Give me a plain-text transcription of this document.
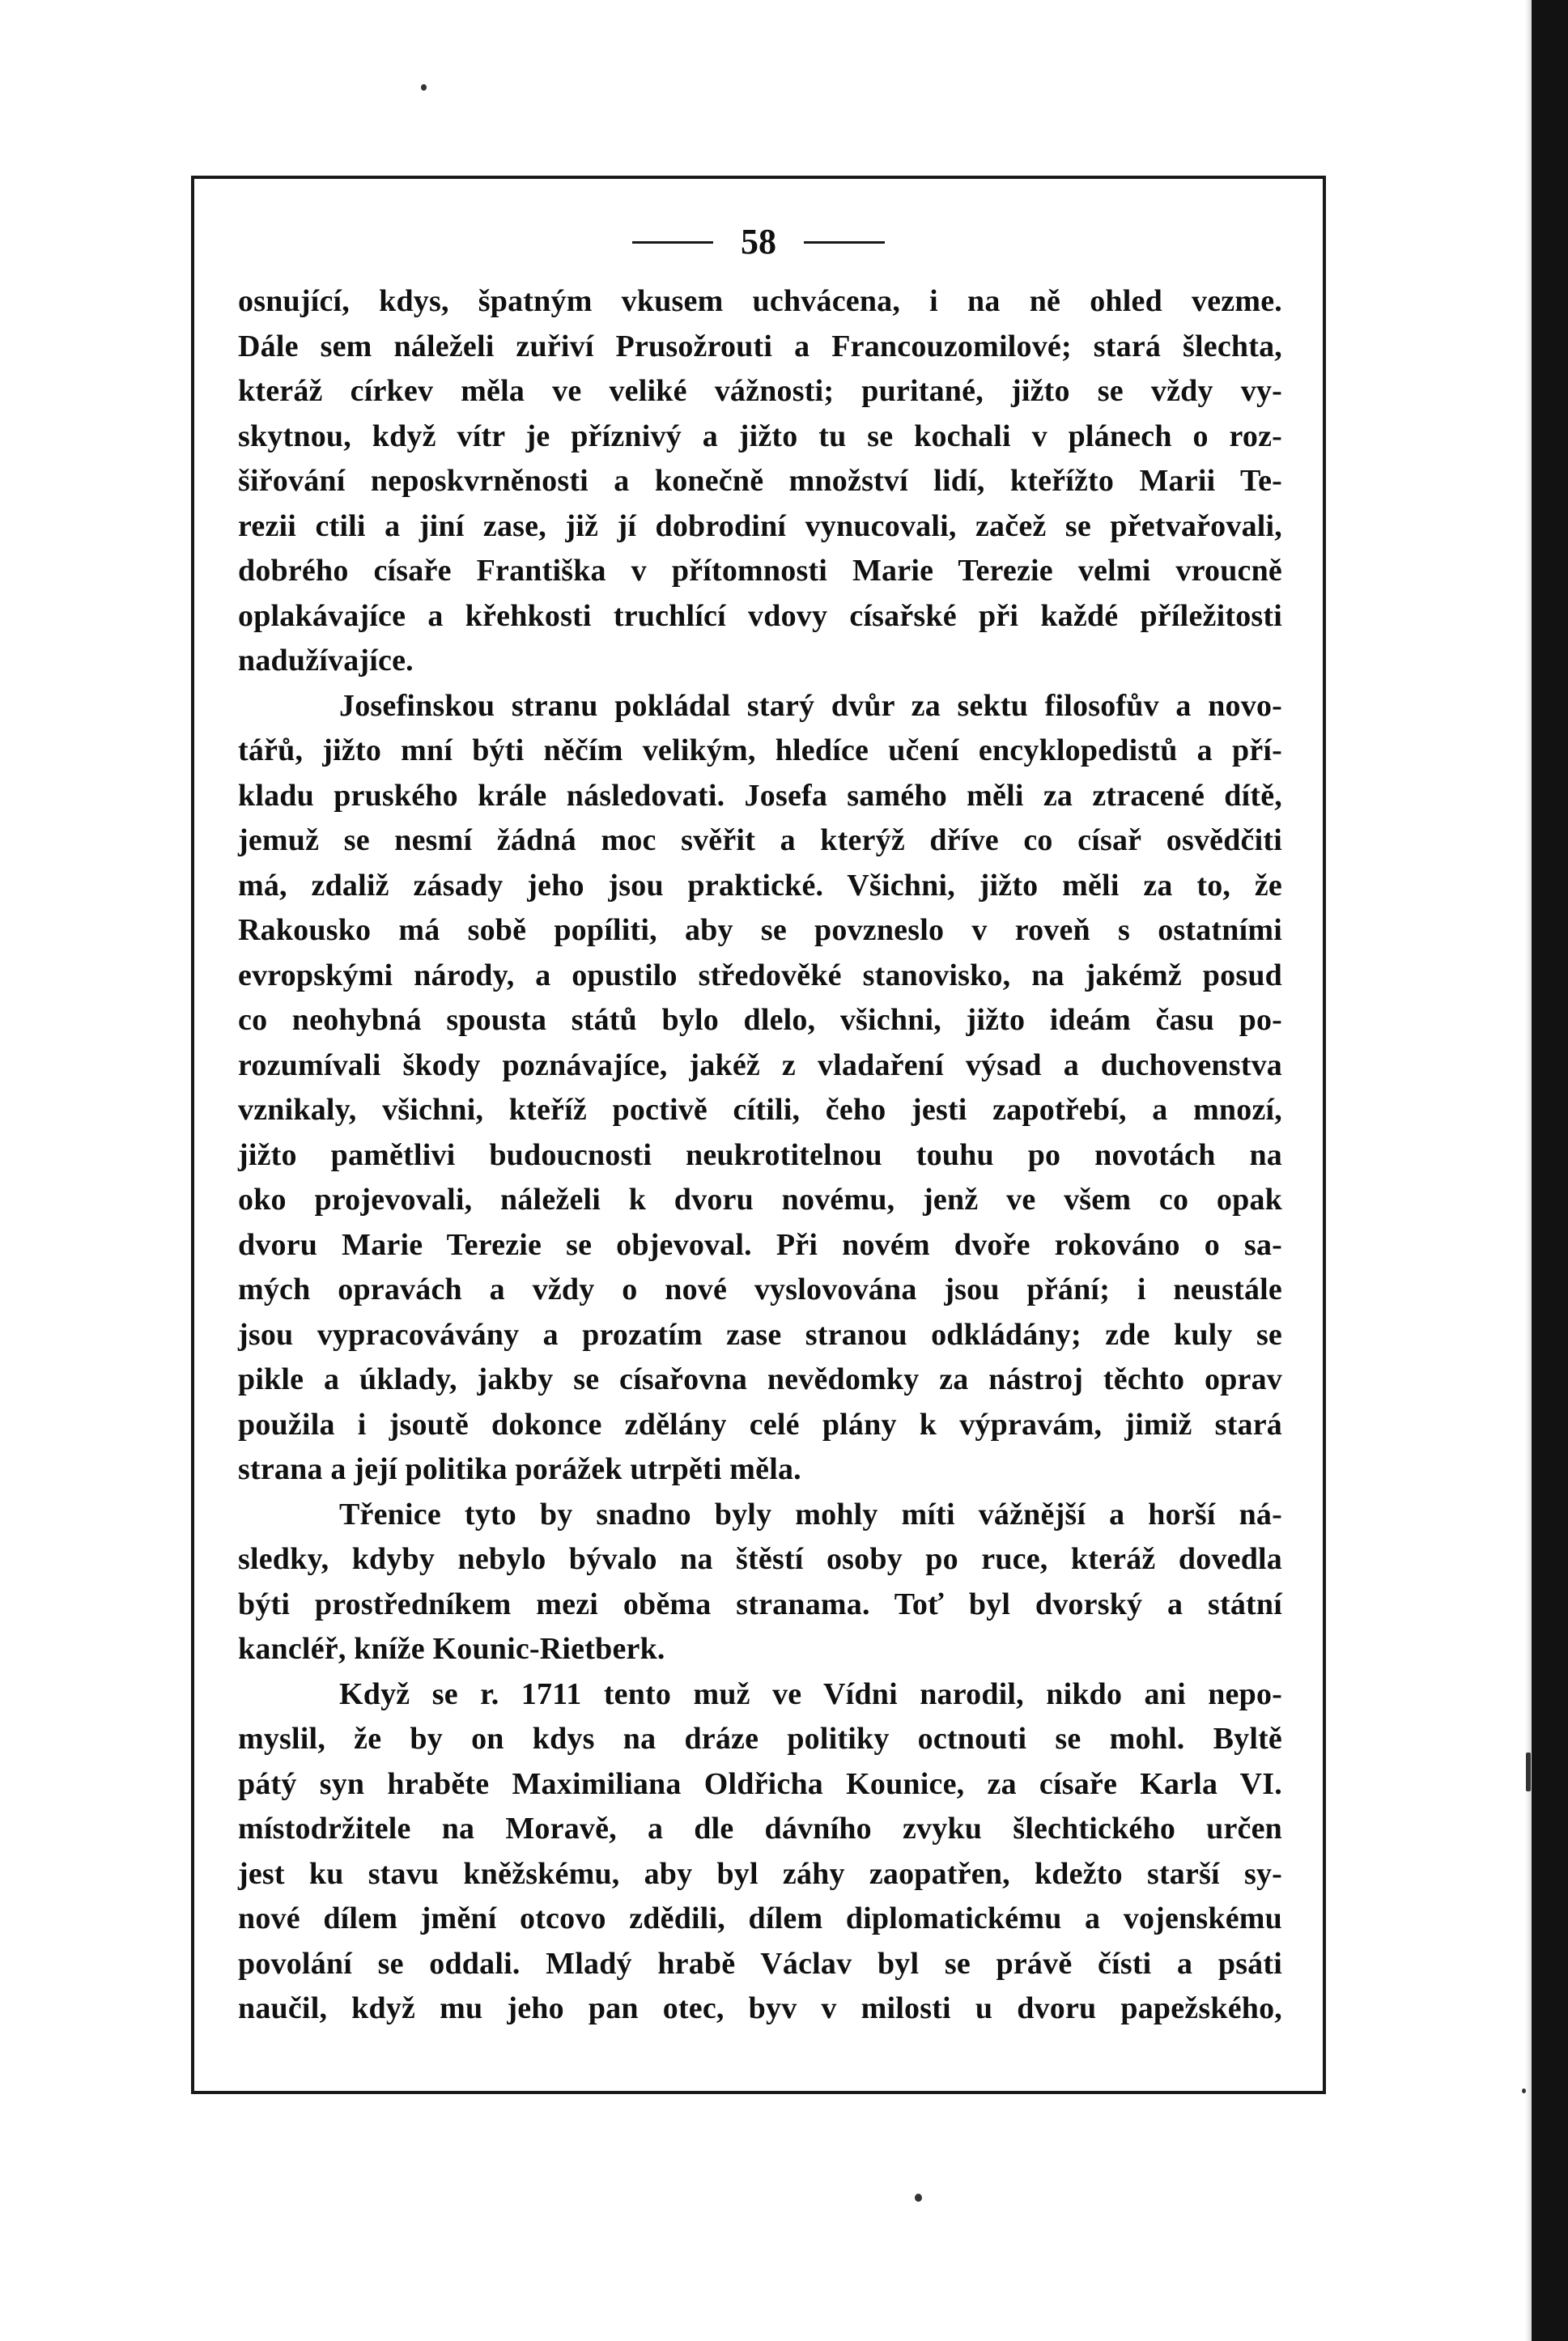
58
osnující, kdys, špatným vkusem uchvácena, i na ně ohled vezme.
Dále sem náleželi zuřiví Prusožrouti a Francouzomilové; stará šlechta,
kteráž církev měla ve veliké vážnosti; puritané, jižto se vždy vy-
skytnou, když vítr je příznivý a jižto tu se kochali v plánech o roz-
šiřování neposkvrněnosti a konečně množství lidí, kteřížto Marii Te-
rezii ctili a jiní zase, již jí dobrodiní vynucovali, začež se přetvařovali,
dobrého císaře Františka v přítomnosti Marie Terezie velmi vroucně
oplakávajíce a křehkosti truchlící vdovy císařské při každé příležitosti
nadužívajíce.
Josefinskou stranu pokládal starý dvůr za sektu filosofův a novo-
tářů, jižto mní býti něčím velikým, hledíce učení encyklopedistů a pří-
kladu pruského krále následovati. Josefa samého měli za ztracené dítě,
jemuž se nesmí žádná moc svěřit a kterýž dříve co císař osvědčiti
má, zdaliž zásady jeho jsou praktické. Všichni, jižto měli za to, že
Rakousko má sobě popíliti, aby se povzneslo v roveň s ostatními
evropskými národy, a opustilo středověké stanovisko, na jakémž posud
co neohybná spousta států bylo dlelo, všichni, jižto ideám času po-
rozumívali škody poznávajíce, jakéž z vladaření výsad a duchovenstva
vznikaly, všichni, kteříž poctivě cítili, čeho jesti zapotřebí, a mnozí,
jižto pamětlivi budoucnosti neukrotitelnou touhu po novotách na
oko projevovali, náleželi k dvoru novému, jenž ve všem co opak
dvoru Marie Terezie se objevoval. Při novém dvoře rokováno o sa-
mých opravách a vždy o nové vyslovována jsou přání; i neustále
jsou vypracovávány a prozatím zase stranou odkládány; zde kuly se
pikle a úklady, jakby se císařovna nevědomky za nástroj těchto oprav
použila i jsoutě dokonce zdělány celé plány k výpravám, jimiž stará
strana a její politika porážek utrpěti měla.
Třenice tyto by snadno byly mohly míti vážnější a horší ná-
sledky, kdyby nebylo bývalo na štěstí osoby po ruce, kteráž dovedla
býti prostředníkem mezi oběma stranama. Toť byl dvorský a státní
kancléř, kníže Kounic-Rietberk.
Když se r. 1711 tento muž ve Vídni narodil, nikdo ani nepo-
myslil, že by on kdys na dráze politiky octnouti se mohl. Byltě
pátý syn hraběte Maximiliana Oldřicha Kounice, za císaře Karla VI.
místodržitele na Moravě, a dle dávního zvyku šlechtického určen
jest ku stavu kněžskému, aby byl záhy zaopatřen, kdežto starší sy-
nové dílem jmění otcovo zdědili, dílem diplomatickému a vojenskému
povolání se oddali. Mladý hrabě Václav byl se právě čísti a psáti
naučil, když mu jeho pan otec, byv v milosti u dvoru papežského,
